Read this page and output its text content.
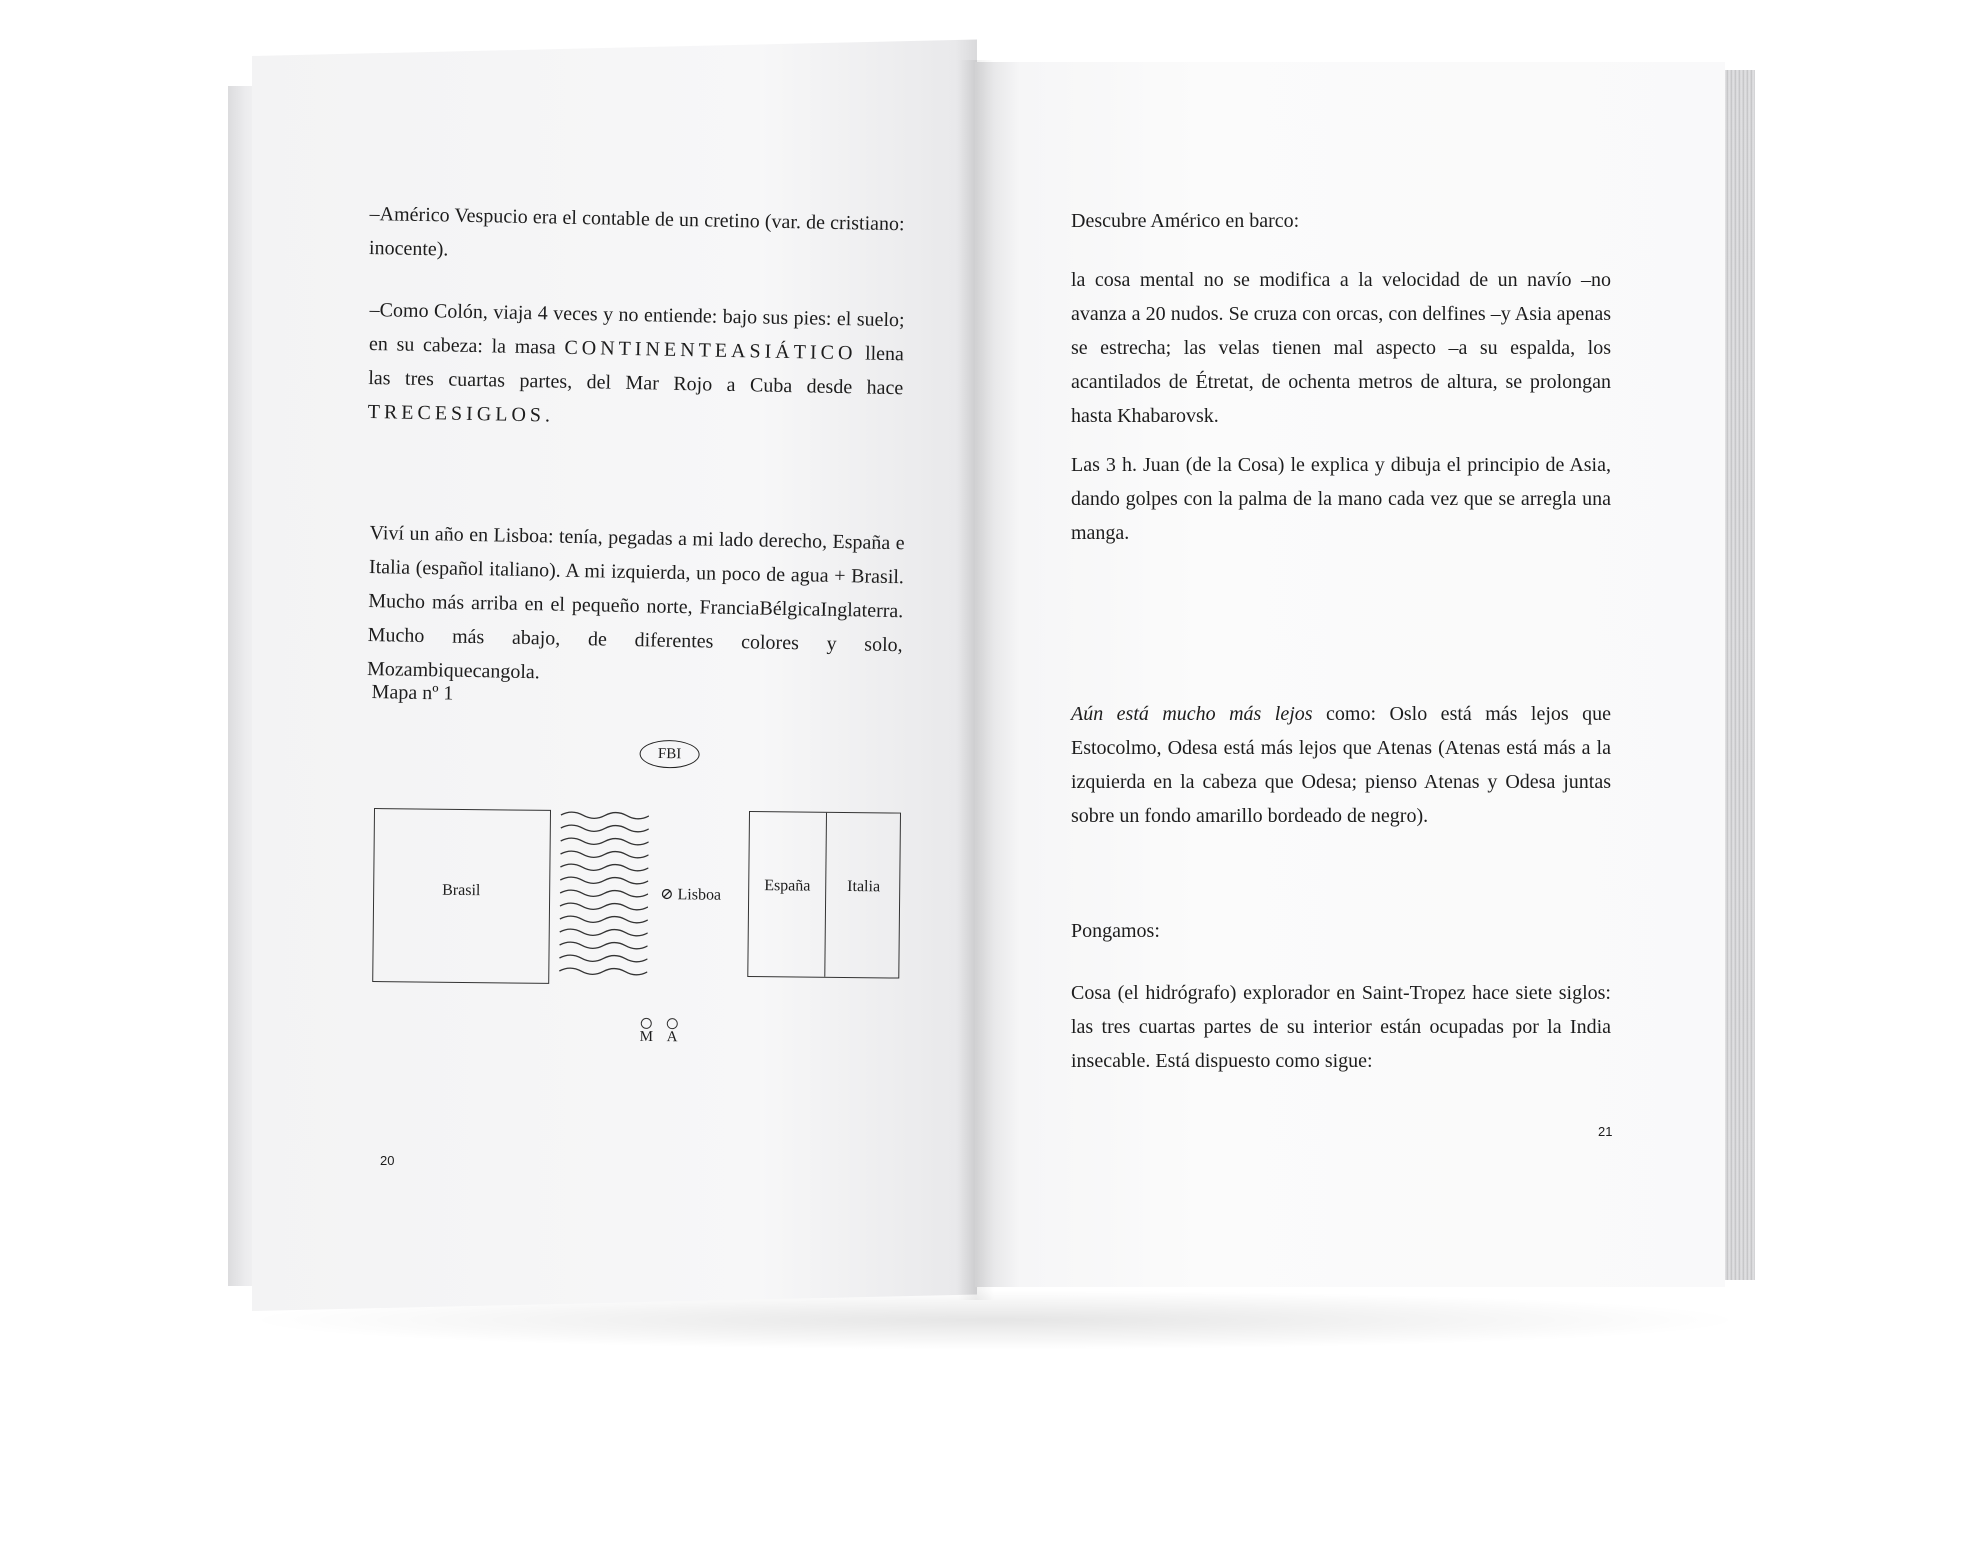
–Américo Vespucio era el contable de un cretino (var. de cristiano: inocente).

–Como Colón, viaja 4 veces y no entiende: bajo sus pies: el suelo; en su cabeza: la masa CONTINENTEASIÁTICO llena las tres cuartas partes, del Mar Rojo a Cuba desde hace TRECESIGLOS.

Viví un año en Lisboa: tenía, pegadas a mi lado derecho, España e Italia (español italiano). A mi izquierda, un poco de agua + Brasil. Mucho más arriba en el pequeño norte, FranciaBélgicaInglaterra. Mucho más abajo, de diferentes colores y solo, Mozambiquecangola.

Mapa nº 1

FBI
Brasil	⊘ Lisboa
España Italia
M A
20

Descubre Américo en barco:

la cosa mental no se modifica a la velocidad de un navío –no avanza a 20 nudos. Se cruza con orcas, con delfines –y Asia apenas se estrecha; las velas tienen mal aspecto –a su espalda, los acantilados de Étretat, de ochenta metros de altura, se prolongan hasta Khabarovsk.

Las 3 h. Juan (de la Cosa) le explica y dibuja el principio de Asia, dando golpes con la palma de la mano cada vez que se arregla una manga.

Aún está mucho más lejos como: Oslo está más lejos que Estocolmo, Odesa está más lejos que Atenas (Atenas está más a la izquierda en la cabeza que Odesa; pienso Atenas y Odesa juntas sobre un fondo amarillo bordeado de negro).

Pongamos:

Cosa (el hidrógrafo) explorador en Saint-Tropez hace siete siglos: las tres cuartas partes de su interior están ocupadas por la India insecable. Está dispuesto como sigue:

21
